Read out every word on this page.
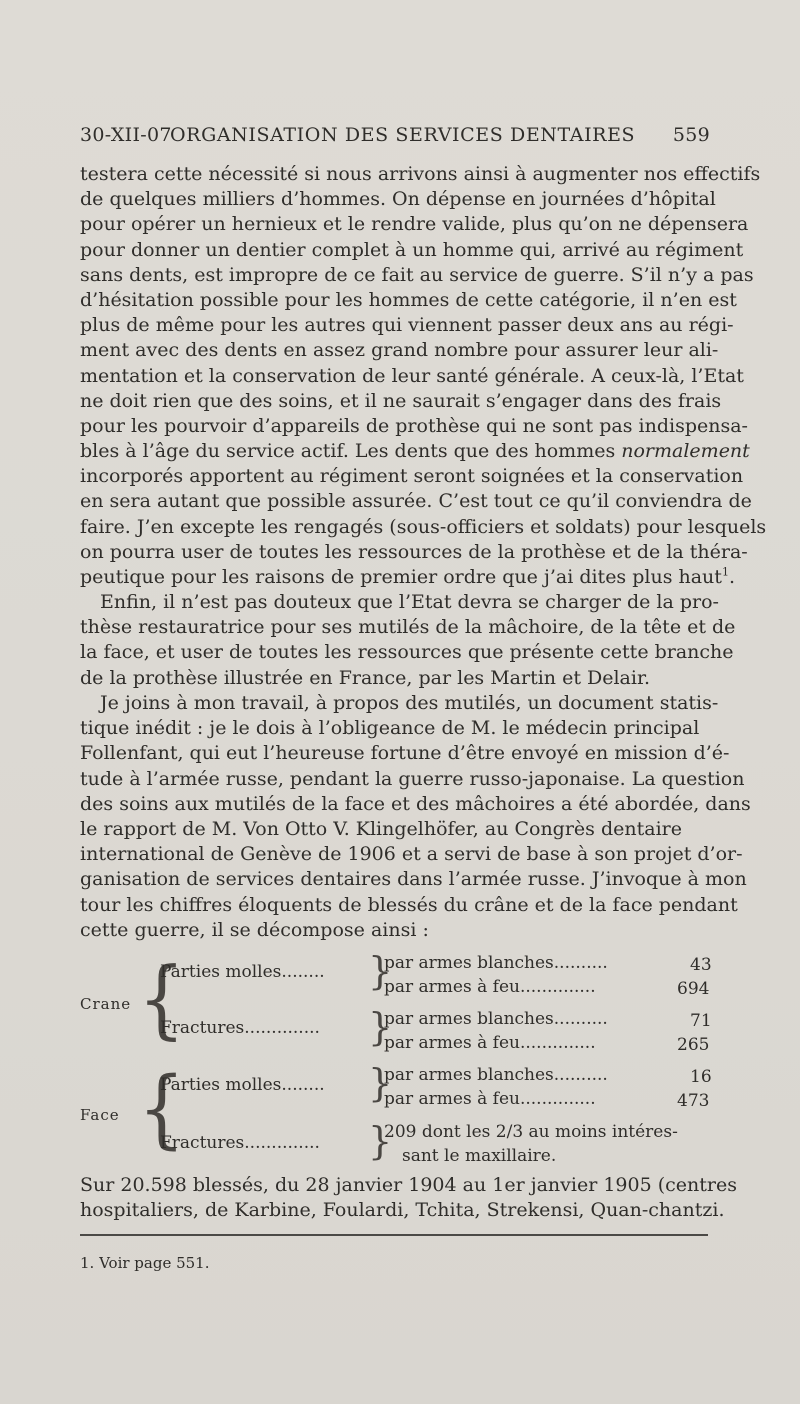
30-XII-07
ORGANISATION DES SERVICES DENTAIRES	559
testera cette nécessité si nous arrivons ainsi à augmenter nos effectifs
de quelques milliers d’hommes. On dépense en journées d’hôpital
pour opérer un hernieux et le rendre valide, plus qu’on ne dépensera
pour donner un dentier complet à un homme qui, arrivé au régiment
sans dents, est impropre de ce fait au service de guerre. S’il n’y a pas
d’hésitation possible pour les hommes de cette catégorie, il n’en est
plus de même pour les autres qui viennent passer deux ans au régi-
ment avec des dents en assez grand nombre pour assurer leur ali-
mentation et la conservation de leur santé générale. A ceux-là, l’Etat
ne doit rien que des soins, et il ne saurait s’engager dans des frais
pour les pourvoir d’appareils de prothèse qui ne sont pas indispensa-
bles à l’âge du service actif. Les dents que des hommes normalement
incorporés apportent au régiment seront soignées et la conservation
en sera autant que possible assurée. C’est tout ce qu’il conviendra de
faire. J’en excepte les rengagés (sous-officiers et soldats) pour lesquels
on pourra user de toutes les ressources de la prothèse et de la théra-
peutique pour les raisons de premier ordre que j’ai dites plus haut$^1$.
Enfin, il n’est pas douteux que l’Etat devra se charger de la pro-
thèse restauratrice pour ses mutilés de la mâchoire, de la tête et de
la face, et user de toutes les ressources que présente cette branche
de la prothèse illustrée en France, par les Martin et Delair.
Je joins à mon travail, à propos des mutilés, un document statis-
tique inédit : je le dois à l’obligeance de M. le médecin principal
Follenfant, qui eut l’heureuse fortune d’être envoyé en mission d’é-
tude à l’armée russe, pendant la guerre russo-japonaise. La question
des soins aux mutilés de la face et des mâchoires a été abordée, dans
le rapport de M. Von Otto V. Klingelhöfer, au Congrès dentaire
international de Genève de 1906 et a servi de base à son projet d’or-
ganisation de services dentaires dans l’armée russe. J’invoque à mon
tour les chiffres éloquents de blessés du crâne et de la face pendant
cette guerre, il se décompose ainsi :
Crane {
Parties molles........ }
par armes blanches..........
par armes à feu..............
43
694
Fractures.............. }
par armes blanches..........
par armes à feu..............
71
265
Face {
Parties molles........ }
par armes blanches..........
par armes à feu..............
16
473
Fractures.............. }
209 dont les 2/3 au moins intéres-
sant le maxillaire.
Sur 20.598 blessés, du 28 janvier 1904 au 1er janvier 1905 (centres
hospitaliers, de Karbine, Foulardi, Tchita, Strekensi, Quan-chantzi.
1. Voir page 551.
